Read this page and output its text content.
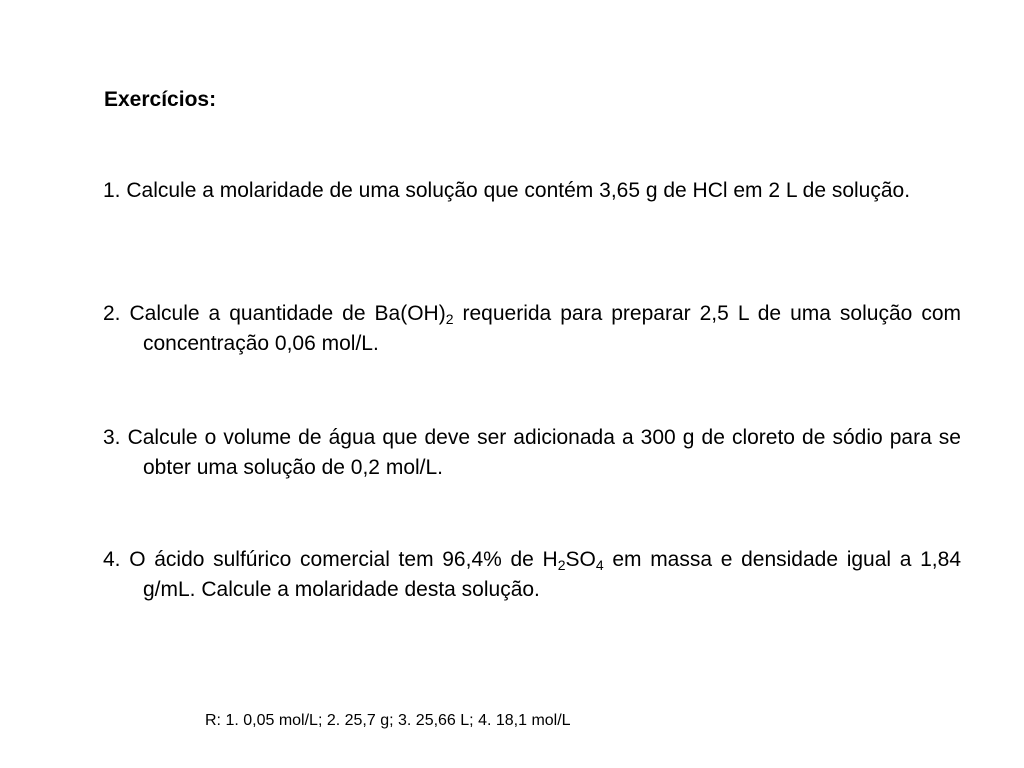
Exercícios:

1. Calcule a molaridade de uma solução que contém 3,65 g de HCl em 2 L de solução.

2. Calcule a quantidade de $Ba(OH)_2$ requerida para preparar 2,5 L de uma solução com concentração 0,06 mol/L.

3. Calcule o volume de água que deve ser adicionada a 300 g de cloreto de sódio para se obter uma solução de 0,2 mol/L.

4. O ácido sulfúrico comercial tem 96,4% de $H_2SO_4$ em massa e densidade igual a 1,84 g/mL. Calcule a molaridade desta solução.

R: 1. 0,05 mol/L; 2. 25,7 g; 3. 25,66 L; 4. 18,1 mol/L
